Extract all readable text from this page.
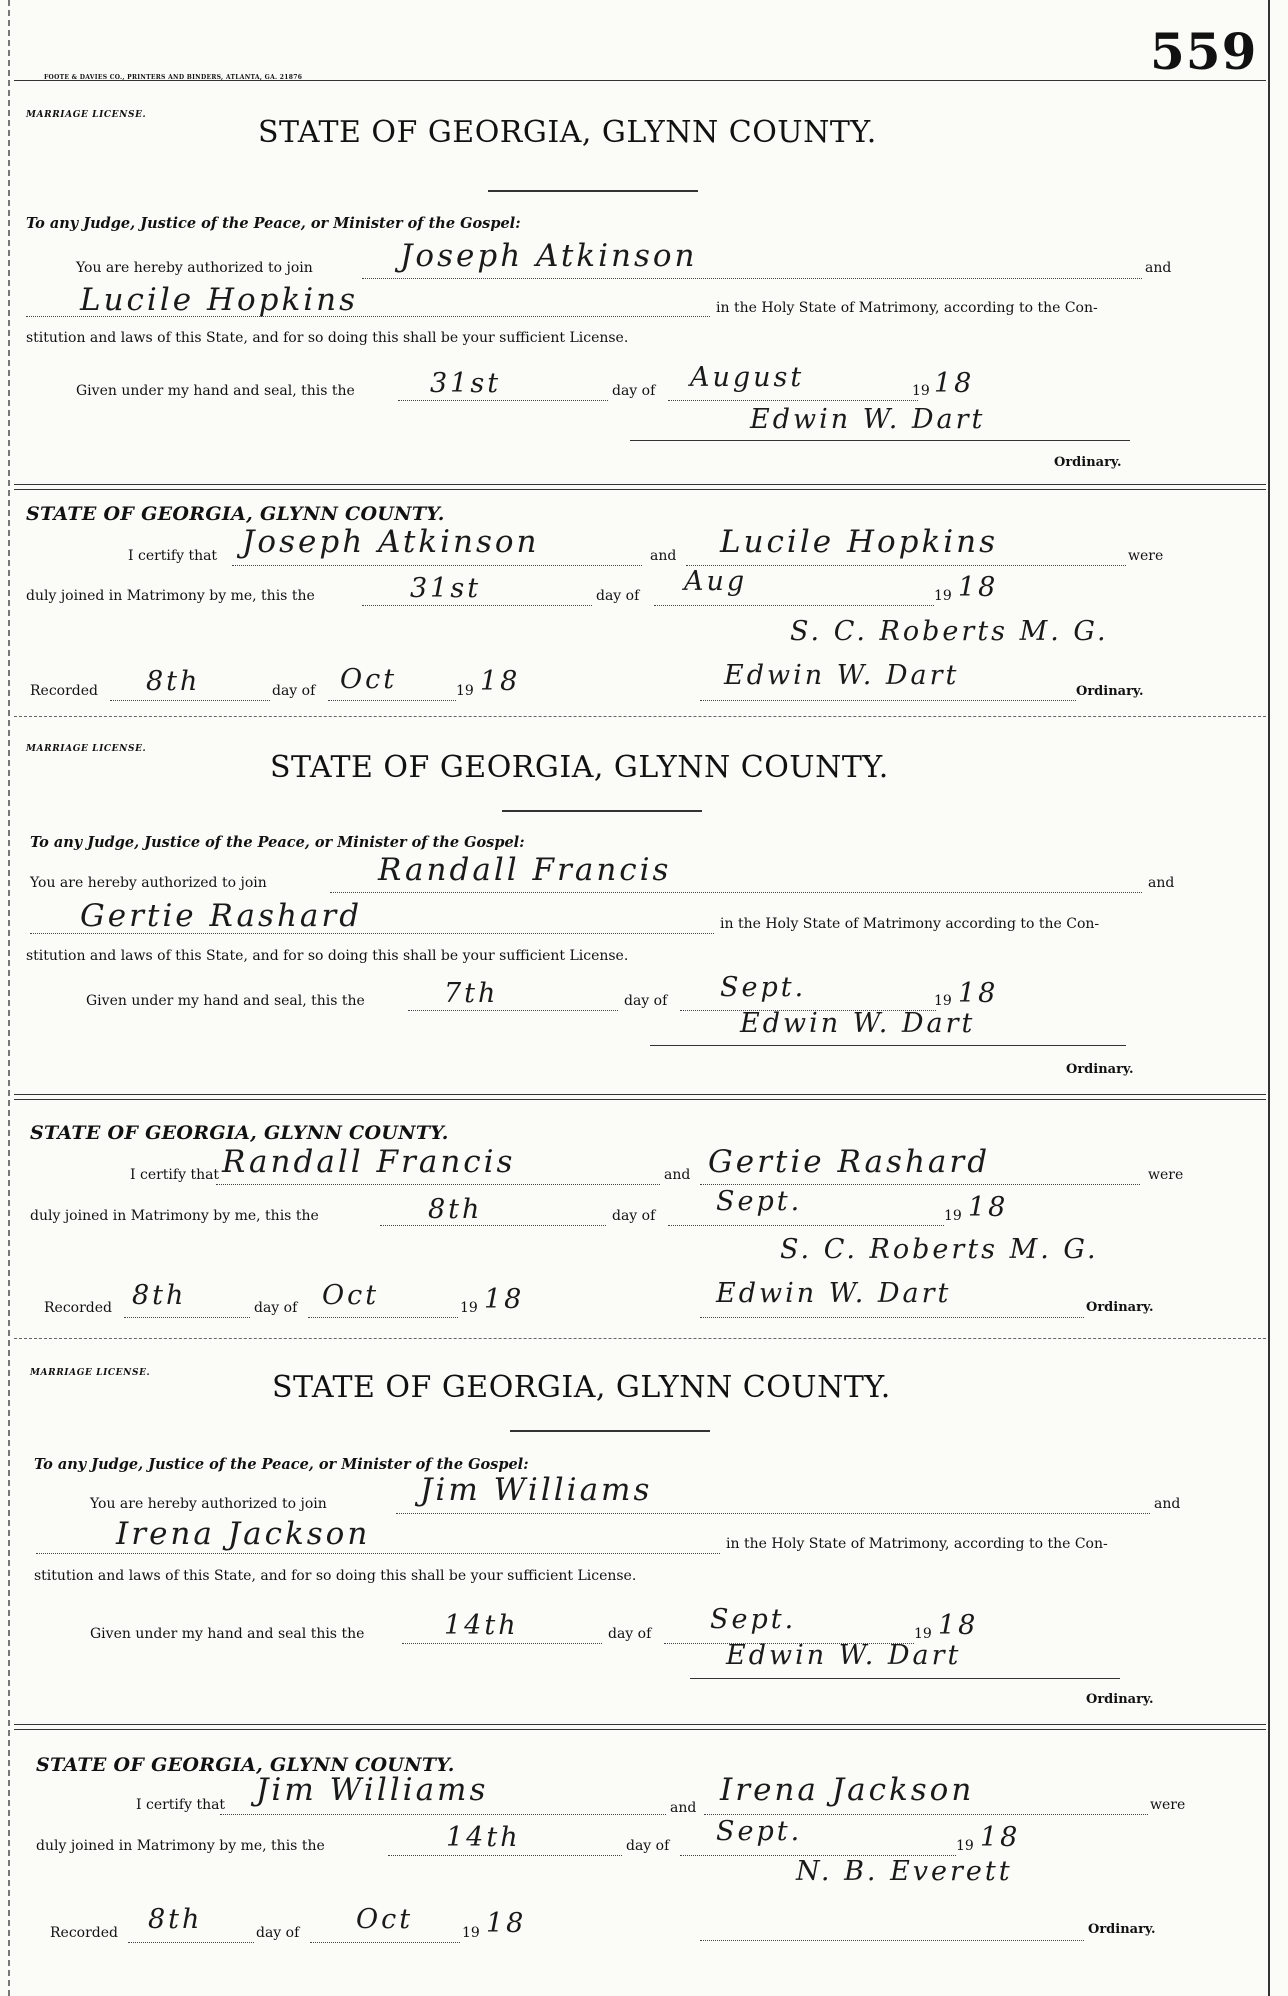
559
FOOTE & DAVIES CO., PRINTERS AND BINDERS, ATLANTA, GA. 21876
MARRIAGE LICENSE.	STATE OF GEORGIA, GLYNN COUNTY.
To any Judge, Justice of the Peace, or Minister of the Gospel:
You are hereby authorized to join	Joseph Atkinson	and
Lucile Hopkins	in the Holy State of Matrimony, according to the Con-
stitution and laws of this State, and for so doing this shall be your sufficient License.
Given under my hand and seal, this the	31st	day of August	19 18
Edwin W. Dart
Ordinary.
STATE OF GEORGIA, GLYNN COUNTY.
I certify that Joseph Atkinson	and Lucile Hopkins	were
duly joined in Matrimony by me, this the	31st	day of Aug	19 18
S. C. Roberts M. G.
Recorded 8th	day of Oct	19 18	Edwin W. Dart
Ordinary.
MARRIAGE LICENSE.
STATE OF GEORGIA, GLYNN COUNTY.
To any Judge, Justice of the Peace, or Minister of the Gospel:
You are hereby authorized to join	Randall Francis	and
Gertie Rashard	in the Holy State of Matrimony according to the Con-
stitution and laws of this State, and for so doing this shall be your sufficient License.
Given under my hand and seal, this the	7th	day of Sept.	19 18
Edwin W. Dart
Ordinary.
STATE OF GEORGIA, GLYNN COUNTY.
I certify that Randall Francis	and Gertie Rashard	were
duly joined in Matrimony by me, this the	8th	day of Sept.	19 18
S. C. Roberts M. G.
Recorded 8th	day of Oct	19 18	Edwin W. Dart	Ordinary.
MARRIAGE LICENSE.	STATE OF GEORGIA, GLYNN COUNTY.
To any Judge, Justice of the Peace, or Minister of the Gospel:
You are hereby authorized to join	Jim Williams	and
Irena Jackson	in the Holy State of Matrimony, according to the Con-
stitution and laws of this State, and for so doing this shall be your sufficient License.
Given under my hand and seal this the	14th	day of Sept.	19 18
Edwin W. Dart
Ordinary.
STATE OF GEORGIA, GLYNN COUNTY.
I certify that Jim Williams	and Irena Jackson	were
duly joined in Matrimony by me, this the	14th	day of Sept.	19 18
N. B. Everett
Recorded 8th	day of Oct	19 18	Ordinary.
